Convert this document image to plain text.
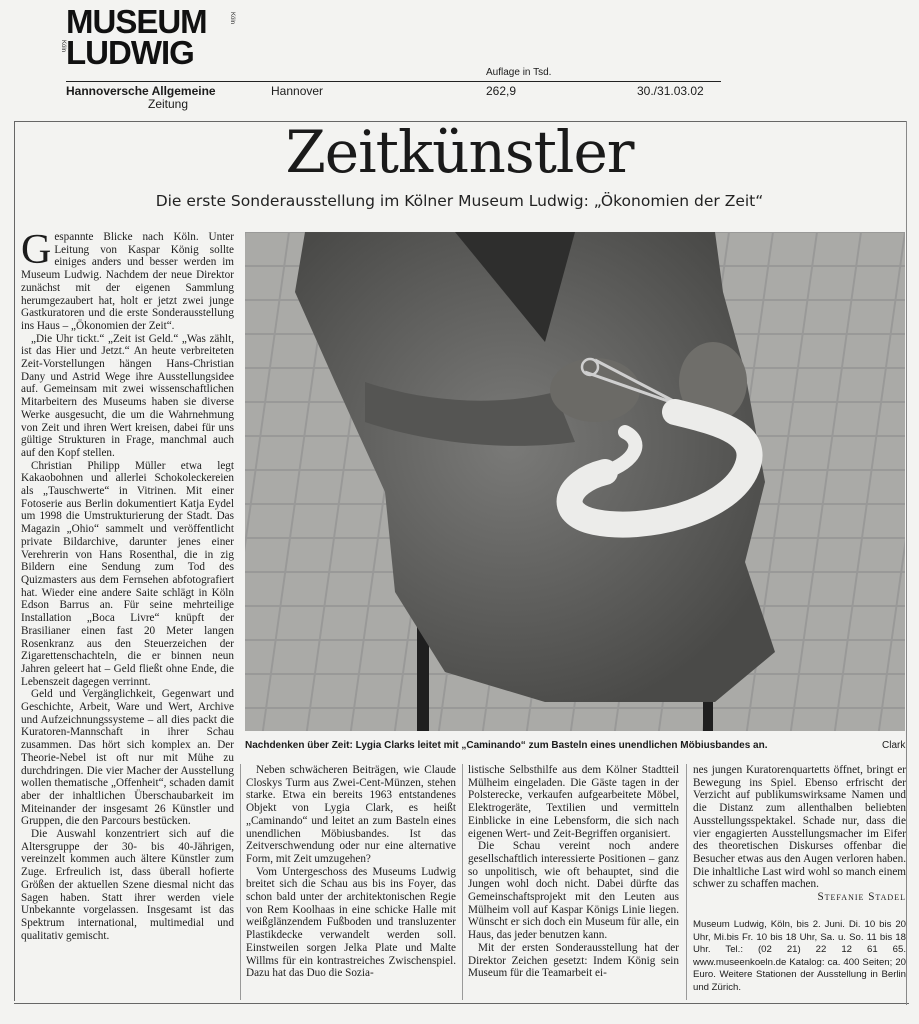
MUSEUM
LUDWIG
Köln
Köln
Auflage in Tsd.
Hannoversche Allgemeine
Zeitung
Hannover	262,9	30./31.03.02
Zeitkünstler
Die erste Sonderausstellung im Kölner Museum Ludwig: „Ökonomien der Zeit“

Gespannte Blicke nach Köln. Unter Leitung von Kaspar König sollte einiges anders und besser werden im Museum Ludwig. Nachdem der neue Direktor zunächst mit der eigenen Sammlung herumgezaubert hat, holt er jetzt zwei junge Gastkuratoren und die erste Sonderausstellung ins Haus – „Ökonomien der Zeit“.

„Die Uhr tickt.“ „Zeit ist Geld.“ „Was zählt, ist das Hier und Jetzt.“ An heute verbreiteten Zeit-Vorstellungen hängen Hans-Christian Dany und Astrid Wege ihre Ausstellungsidee auf. Gemeinsam mit zwei wissenschaftlichen Mitarbeitern des Museums haben sie diverse Werke ausgesucht, die um die Wahrnehmung von Zeit und ihren Wert kreisen, dabei für uns gültige Strukturen in Frage, manchmal auch auf den Kopf stellen.

Christian Philipp Müller etwa legt Kakaobohnen und allerlei Schokoleckereien als „Tauschwerte“ in Vitrinen. Mit einer Fotoserie aus Berlin dokumentiert Katja Eydel um 1998 die Umstrukturierung der Stadt. Das Magazin „Ohio“ sammelt und veröffentlicht private Bildarchive, darunter jenes einer Verehrerin von Hans Rosenthal, die in zig Bildern eine Sendung zum Tod des Quizmasters aus dem Fernsehen abfotografiert hat. Wieder eine andere Saite schlägt in Köln Edson Barrus an. Für seine mehrteilige Installation „Boca Livre“ knüpft der Brasilianer einen fast 20 Meter langen Rosenkranz aus den Steuerzeichen der Zigarettenschachteln, die er binnen neun Jahren geleert hat – Geld fließt ohne Ende, die Lebenszeit dagegen verrinnt.

Geld und Vergänglichkeit, Gegenwart und Geschichte, Arbeit, Ware und Wert, Archive und Aufzeichnungssysteme – all dies packt die Kuratoren-Mannschaft in ihrer Schau zusammen. Das hört sich komplex an. Der Theorie-Nebel ist oft nur mit Mühe zu durchdringen. Die vier Macher der Ausstellung wollen thematische „Offenheit“, schaden damit aber der inhaltlichen Überschaubarkeit im Miteinander der insgesamt 26 Künstler und Gruppen, die den Parcours bestücken.

Die Auswahl konzentriert sich auf die Altersgruppe der 30- bis 40-Jährigen, vereinzelt kommen auch ältere Künstler zum Zuge. Erfreulich ist, dass überall hofierte Größen der aktuellen Szene diesmal nicht das Sagen haben. Statt ihrer werden viele Unbekannte vorgelassen. Insgesamt ist das Spektrum international, multimedial und qualitativ gemischt.

Nachdenken über Zeit: Lygia Clarks leitet mit „Caminando“ zum Basteln eines unendlichen Möbiusbandes an.	Clark

Neben schwächeren Beiträgen, wie Claude Closkys Turm aus Zwei-Cent-Münzen, stehen starke. Etwa ein bereits 1963 entstandenes Objekt von Lygia Clark, es heißt „Caminando“ und leitet an zum Basteln eines unendlichen Möbiusbandes. Ist das Zeitverschwendung oder nur eine alternative Form, mit Zeit umzugehen?

Vom Untergeschoss des Museums Ludwig breitet sich die Schau aus bis ins Foyer, das schon bald unter der architektonischen Regie von Rem Koolhaas in eine schicke Halle mit weißglänzendem Fußboden und transluzenter Plastikdecke verwandelt werden soll. Einstweilen sorgen Jelka Plate und Malte Willms für ein kontrastreiches Zwischenspiel. Dazu hat das Duo die Sozia-

listische Selbsthilfe aus dem Kölner Stadtteil Mülheim eingeladen. Die Gäste tagen in der Polsterecke, verkaufen aufgearbeitete Möbel, Elektrogeräte, Textilien und vermitteln Einblicke in eine Lebensform, die sich nach eigenen Wert- und Zeit-Begriffen organisiert.

Die Schau vereint noch andere gesellschaftlich interessierte Positionen – ganz so unpolitisch, wie oft behauptet, sind die Jungen wohl doch nicht. Dabei dürfte das Gemeinschaftsprojekt mit den Leuten aus Mülheim voll auf Kaspar Königs Linie liegen. Wünscht er sich doch ein Museum für alle, ein Haus, das jeder benutzen kann.

Mit der ersten Sonderausstellung hat der Direktor Zeichen gesetzt: Indem König sein Museum für die Teamarbeit ei-

nes jungen Kuratorenquartetts öffnet, bringt er Bewegung ins Spiel. Ebenso erfrischt der Verzicht auf publikumswirksame Namen und die Distanz zum allenthalben beliebten Ausstellungsspektakel. Schade nur, dass die vier engagierten Ausstellungsmacher im Eifer des theoretischen Diskurses offenbar die Besucher etwas aus den Augen verloren haben. Die inhaltliche Last wird wohl so manch einem schwer zu schaffen machen.

Stefanie Stadel

Museum Ludwig, Köln, bis 2. Juni. Di. 10 bis 20 Uhr, Mi.bis Fr. 10 bis 18 Uhr, Sa. u. So. 11 bis 18 Uhr. Tel.: (02 21) 22 12 61 65. www.museenkoeln.de Katalog: ca. 400 Seiten; 20 Euro. Weitere Stationen der Ausstellung in Berlin und Zürich.
